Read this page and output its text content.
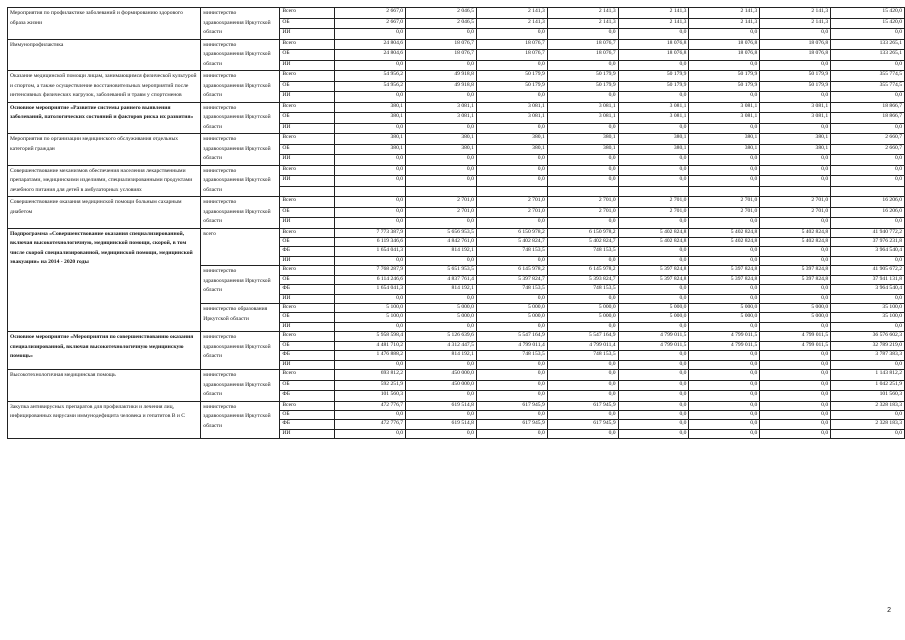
Мероприятия по профилактике заболеваний и формированию здорового образа жизни	министерство здравоохранения Иркутской области	Всего	2 667,0	2 046,5	2 141,3	2 141,3	2 141,3	2 141,3	2 141,3	15 420,0
		ОБ	2 667,0	2 046,5	2 141,3	2 141,3	2 141,3	2 141,3	2 141,3	15 420,0
		ИИ	0,0	0,0	0,0	0,0	0,0	0,0	0,0	0,0
Иммунопрофилактика	министерство здравоохранения Иркутской области	Всего	24 804,6	18 076,7	18 076,7	18 076,7	18 076,8	18 076,8	18 076,8	133 265,1
		ОБ	24 804,6	18 076,7	18 076,7	18 076,7	18 076,8	18 076,8	18 076,8	133 265,1
		ИИ	0,0	0,0	0,0	0,0	0,0	0,0	0,0	0,0
Оказание медицинской помощи лицам, занимающимся физической культурой и спортом, а также осуществление восстановительных мероприятий после интенсивных физических нагрузок, заболеваний и травм у спортсменов	министерство здравоохранения Иркутской области	Всего	54 956,2	49 918,8	50 179,9	50 179,9	50 179,9	50 179,9	50 179,9	355 774,5
		ОБ	54 956,2	49 918,8	50 179,9	50 179,9	50 179,9	50 179,9	50 179,9	355 774,5
		ИИ	0,0	0,0	0,0	0,0	0,0	0,0	0,0	0,0
Основное мероприятие «Развитие системы раннего выявления заболеваний, патологических состояний и факторов риска их развития»	министерство здравоохранения Иркутской области	Всего	380,1	3 081,1	3 081,1	3 081,1	3 081,1	3 081,1	3 081,1	18 866,7
		ОБ	380,1	3 081,1	3 081,1	3 081,1	3 081,1	3 081,1	3 081,1	18 866,7
		ИИ	0,0	0,0	0,0	0,0	0,0	0,0	0,0	0,0
Мероприятия по организации медицинского обслуживания отдельных категорий граждан	министерство здравоохранения Иркутской области	Всего	380,1	380,1	380,1	380,1	380,1	380,1	380,1	2 660,7
		ОБ	380,1	380,1	380,1	380,1	380,1	380,1	380,1	2 660,7
		ИИ	0,0	0,0	0,0	0,0	0,0	0,0	0,0	0,0
Совершенствование механизмов обеспечения населения лекарственными препаратами, медицинскими изделиями, специализированными продуктами лечебного питания для детей в амбулаторных условиях	министерство здравоохранения Иркутской области	Всего	0,0	0,0	0,0	0,0	0,0	0,0	0,0	0,0
		ИИ	0,0	0,0	0,0	0,0	0,0	0,0	0,0	0,0

Совершенствование оказания медицинской помощи больным сахарным диабетом	министерство здравоохранения Иркутской области	Всего	0,0	2 701,0	2 701,0	2 701,0	2 701,0	2 701,0	2 701,0	16 206,0
		ОБ	0,0	2 701,0	2 701,0	2 701,0	2 701,0	2 701,0	2 701,0	16 206,0
		ИИ	0,0	0,0	0,0	0,0	0,0	0,0	0,0	0,0
Подпрограмма «Совершенствование оказания специализированной, включая высокотехнологичную, медицинской помощи, скорой, в том числе скорой специализированной, медицинской помощи, медицинской эвакуации» на 2014 - 2020 годы	всего	Всего	7 773 387,9	5 656 953,5	6 150 978,2	6 150 978,2	5 402 824,8	5 402 824,8	5 402 824,8	41 940 772,2
		ОБ	6 119 346,6	4 842 761,0	5 402 824,7	5 402 824,7	5 402 824,8	5 402 824,8	5 402 824,8	37 976 231,8
		ФБ	1 654 041,3	814 192,1	748 153,5	748 153,5	0,0	0,0	0,0	3 964 540,4
		ИИ	0,0	0,0	0,0	0,0	0,0	0,0	0,0	0,0
	министерство здравоохранения Иркутской области	Всего	7 768 287,9	5 651 953,5	6 145 978,2	6 145 978,2	5 397 824,8	5 397 824,8	5 397 824,8	41 905 672,2
		ОБ	6 114 246,6	4 837 761,4	5 397 824,7	5 393 824,7	5 397 824,8	5 397 824,8	5 397 824,8	37 941 131,8
		ФБ	1 654 041,3	814 192,1	748 153,5	748 153,5	0,0	0,0	0,0	3 964 540,4
		ИИ	0,0	0,0	0,0	0,0	0,0	0,0	0,0	0,0
	министерство образования Иркутской области	Всего	5 100,0	5 000,0	5 000,0	5 000,0	5 000,0	5 000,0	5 000,0	35 100,0
		ОБ	5 100,0	5 000,0	5 000,0	5 000,0	5 000,0	5 000,0	5 000,0	35 100,0
		ИИ	0,0	0,0	0,0	0,0	0,0	0,0	0,0	0,0
Основное мероприятие «Мероприятия по совершенствованию оказания специализированной, включая высокотехнологичную медицинскую помощь»	министерство здравоохранения Иркутской области	Всего	5 958 598,4	5 126 639,6	5 547 164,9	5 547 164,9	4 799 011,5	4 799 011,5	4 799 011,5	36 576 602,3
		ОБ	4 481 710,2	4 312 447,5	4 799 011,4	4 799 011,4	4 799 011,5	4 799 011,5	4 799 011,5	32 789 219,0
		ФБ	1 476 888,2	814 192,1	748 153,5	748 153,5	0,0	0,0	0,0	3 787 383,3
		ИИ	0,0	0,0	0,0	0,0	0,0	0,0	0,0	0,0
Высокотехнологичная медицинская помощь	министерство здравоохранения Иркутской области	Всего	693 812,2	450 000,0	0,0	0,0	0,0	0,0	0,0	1 143 812,2
		ОБ	592 251,9	450 000,0	0,0	0,0	0,0	0,0	0,0	1 042 251,9
		ФБ	101 560,3	0,0	0,0	0,0	0,0	0,0	0,0	101 560,3
Закупка антивирусных препаратов для профилактики и лечения лиц, инфицированных вирусами иммунодефицита человека и гепатитов В и С	министерство здравоохранения Иркутской области	Всего	472 776,7	619 514,8	617 945,9	617 945,9	0,0	0,0	0,0	2 328 183,3
		ОБ	0,0	0,0	0,0	0,0	0,0	0,0	0,0	0,0
		ФБ	472 776,7	619 514,8	617 945,9	617 945,9	0,0	0,0	0,0	2 328 183,3
		ИИ	0,0	0,0	0,0	0,0	0,0	0,0	0,0	0,0
2
